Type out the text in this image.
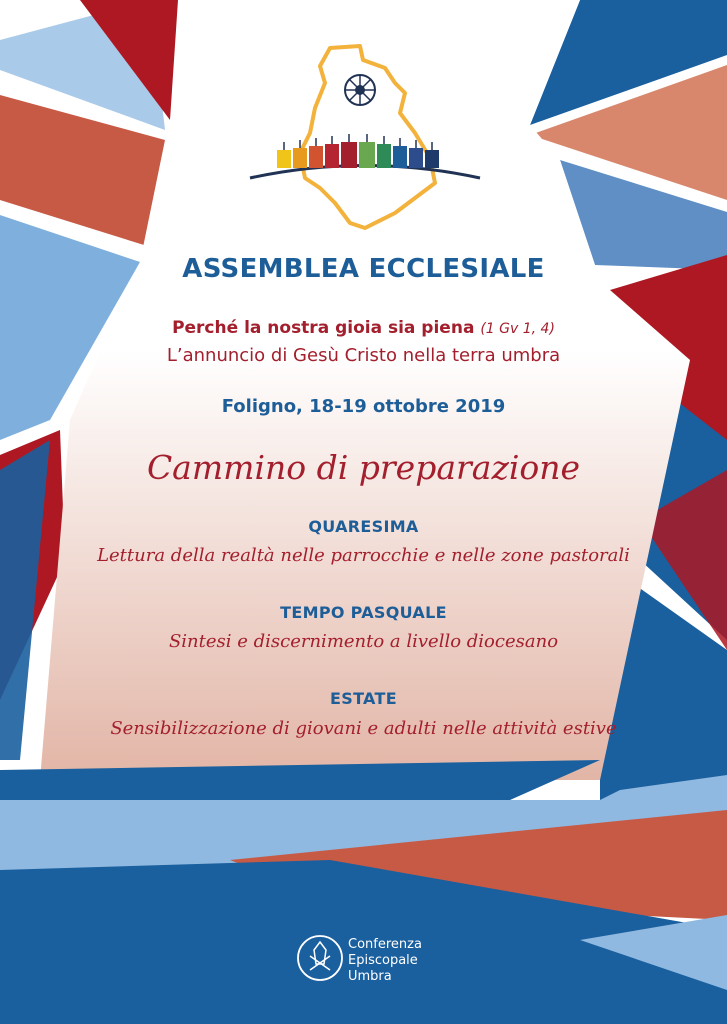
ASSEMBLEA ECCLESIALE
Perché la nostra gioia sia piena (1 Gv 1, 4)
L’annuncio di Gesù Cristo nella terra umbra
Foligno, 18-19 ottobre 2019
Cammino di preparazione
QUARESIMA
Lettura della realtà nelle parrocchie e nelle zone pastorali
TEMPO PASQUALE
Sintesi e discernimento a livello diocesano
ESTATE
Sensibilizzazione di giovani e adulti nelle attività estive
Conferenza
Episcopale
Umbra
